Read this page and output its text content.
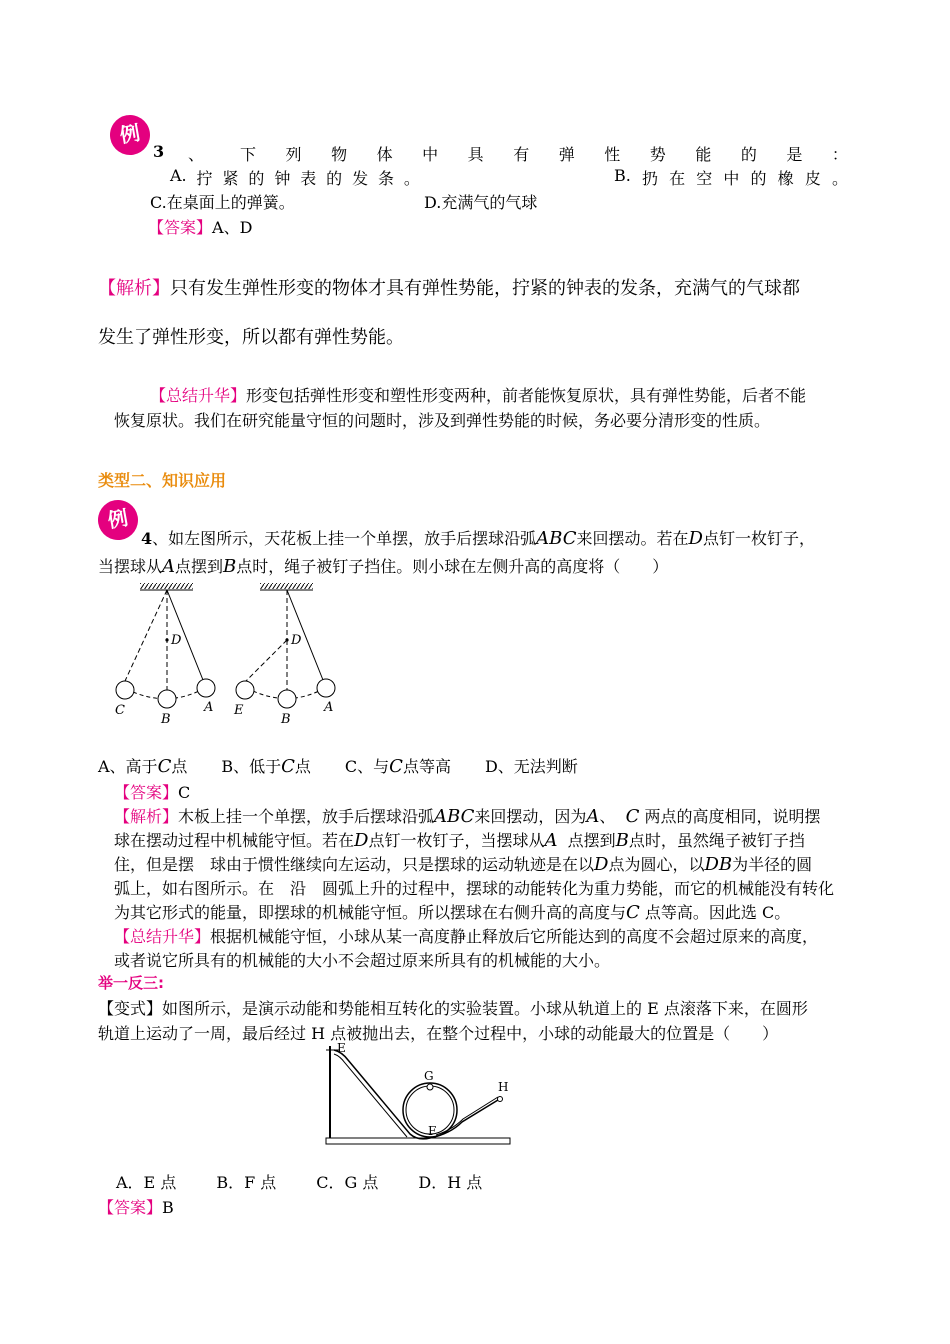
例
3 、 下 列 物 体 中 具 有 弹 性 势 能 的 是 ：
A. 拧 紧 的 钟 表 的 发 条 。	B. 扔 在 空 中 的 橡 皮 。
C.在桌面上的弹簧。	D.充满气的气球
【答案】A、D
【解析】只有发生弹性形变的物体才具有弹性势能，拧紧的钟表的发条，充满气的气球都
发生了弹性形变，所以都有弹性势能。
【总结升华】形变包括弹性形变和塑性形变两种，前者能恢复原状，具有弹性势能，后者不能
恢复原状。我们在研究能量守恒的问题时，涉及到弹性势能的时候，务必要分清形变的性质。
类型二、知识应用
例
4、如左图所示，天花板上挂一个单摆，放手后摆球沿弧ABC来回摆动。若在D点钉一枚钉子，
当摆球从A点摆到B点时，绳子被钉子挡住。则小球在左侧升高的高度将（　　）
D
C
B
A
D
E
B
A
A、高于C点 B、低于C点 C、与C点等高 D、无法判断
【答案】C
【解析】木板上挂一个单摆，放手后摆球沿弧ABC来回摆动，因为A、 C 两点的高度相同，说明摆
球在摆动过程中机械能守恒。若在D点钉一枚钉子，当摆球从A 点摆到B点时，虽然绳子被钉子挡
住，但是摆　球由于惯性继续向左运动，只是摆球的运动轨迹是在以D点为圆心，以DB为半径的圆
弧上，如右图所示。在　沿　圆弧上升的过程中，摆球的动能转化为重力势能，而它的机械能没有转化
为其它形式的能量，即摆球的机械能守恒。所以摆球在右侧升高的高度与C 点等高。因此选 C。
【总结升华】根据机械能守恒，小球从某一高度静止释放后它所能达到的高度不会超过原来的高度，
或者说它所具有的机械能的大小不会超过原来所具有的机械能的大小。
举一反三:
【变式】如图所示，是演示动能和势能相互转化的实验装置。小球从轨道上的 E 点滚落下来，在圆形
轨道上运动了一周，最后经过 H 点被抛出去，在整个过程中，小球的动能最大的位置是（　　）
E
G
H
F
A．E 点	B．F 点	C．G 点	D．H 点
【答案】B
